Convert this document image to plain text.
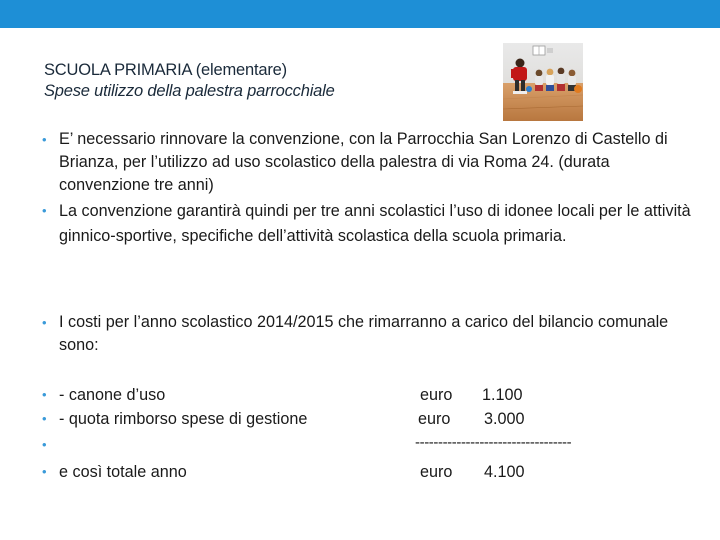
SCUOLA PRIMARIA (elementare)
Spese utilizzo della palestra parrocchiale
• E’ necessario rinnovare la convenzione, con la Parrocchia San Lorenzo di Castello di Brianza, per l’utilizzo ad uso scolastico della palestra di via Roma 24. (durata convenzione tre anni)
• La convenzione garantirà quindi per tre anni scolastici l’uso di idonee locali per le attività ginnico-sportive, specifiche dell’attività scolastica della scuola primaria.
• I costi per l’anno scolastico 2014/2015 che rimarranno a carico del bilancio comunale sono:
• - canone d’uso	euro 1.100
• - quota rimborso spese di gestione	euro 3.000
•	----------------------------------
• e così totale anno	euro 4.100
